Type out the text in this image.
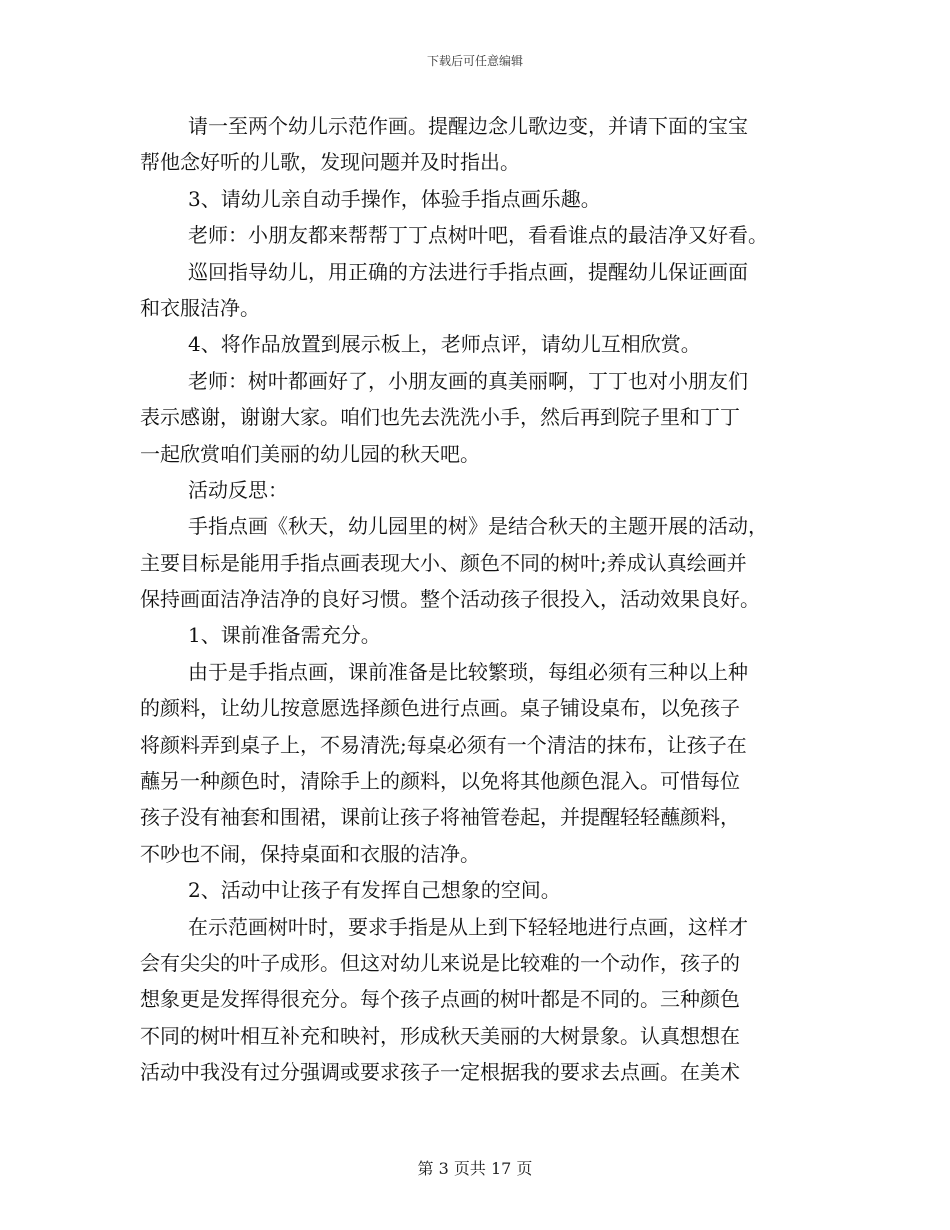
下载后可任意编辑
请一至两个幼儿示范作画。提醒边念儿歌边变，并请下面的宝宝
帮他念好听的儿歌，发现问题并及时指出。
3、请幼儿亲自动手操作，体验手指点画乐趣。
老师：小朋友都来帮帮丁丁点树叶吧，看看谁点的最洁净又好看。
巡回指导幼儿，用正确的方法进行手指点画，提醒幼儿保证画面
和衣服洁净。
4、将作品放置到展示板上，老师点评，请幼儿互相欣赏。
老师：树叶都画好了，小朋友画的真美丽啊，丁丁也对小朋友们
表示感谢，谢谢大家。咱们也先去洗洗小手，然后再到院子里和丁丁
一起欣赏咱们美丽的幼儿园的秋天吧。
活动反思：
手指点画《秋天，幼儿园里的树》是结合秋天的主题开展的活动，
主要目标是能用手指点画表现大小、颜色不同的树叶;养成认真绘画并
保持画面洁净洁净的良好习惯。整个活动孩子很投入，活动效果良好。
1、课前准备需充分。
由于是手指点画，课前准备是比较繁琐，每组必须有三种以上种
的颜料，让幼儿按意愿选择颜色进行点画。桌子铺设桌布，以免孩子
将颜料弄到桌子上，不易清洗;每桌必须有一个清洁的抹布，让孩子在
蘸另一种颜色时，清除手上的颜料，以免将其他颜色混入。可惜每位
孩子没有袖套和围裙，课前让孩子将袖管卷起，并提醒轻轻蘸颜料，
不吵也不闹，保持桌面和衣服的洁净。
2、活动中让孩子有发挥自己想象的空间。
在示范画树叶时，要求手指是从上到下轻轻地进行点画，这样才
会有尖尖的叶子成形。但这对幼儿来说是比较难的一个动作，孩子的
想象更是发挥得很充分。每个孩子点画的树叶都是不同的。三种颜色
不同的树叶相互补充和映衬，形成秋天美丽的大树景象。认真想想在
活动中我没有过分强调或要求孩子一定根据我的要求去点画。在美术
第 3 页共 17 页
